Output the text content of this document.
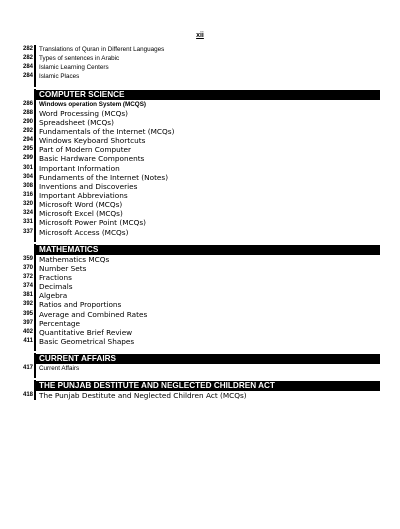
xii
282 Translations of Quran in Different Languages
282 Types of sentences in Arabic
284 Islamic Learning Centers
284 Islamic Places
COMPUTER SCIENCE
286 Windows operation System (MCQS)
288 Word Processing (MCQs)
290 Spreadsheet (MCQs)
292 Fundamentals of the Internet (MCQs)
294 Windows Keyboard Shortcuts
295 Part of Modern Computer
299 Basic Hardware Components
301 Important Information
304 Fundaments of the Internet (Notes)
308 Inventions and Discoveries
316 Important Abbreviations
320 Microsoft Word (MCQs)
324 Microsoft Excel (MCQs)
331 Microsoft Power Point (MCQs)
337 Microsoft Access (MCQs)
MATHEMATICS
359 Mathematics MCQs
370 Number Sets
372 Fractions
374 Decimals
381 Algebra
392 Ratios and Proportions
395 Average and Combined Rates
397 Percentage
402 Quantitative Brief Review
411 Basic Geometrical Shapes
CURRENT AFFAIRS
417 Current Affairs
THE PUNJAB DESTITUTE AND NEGLECTED CHILDREN ACT
418 The Punjab Destitute and Neglected Children Act (MCQs)
